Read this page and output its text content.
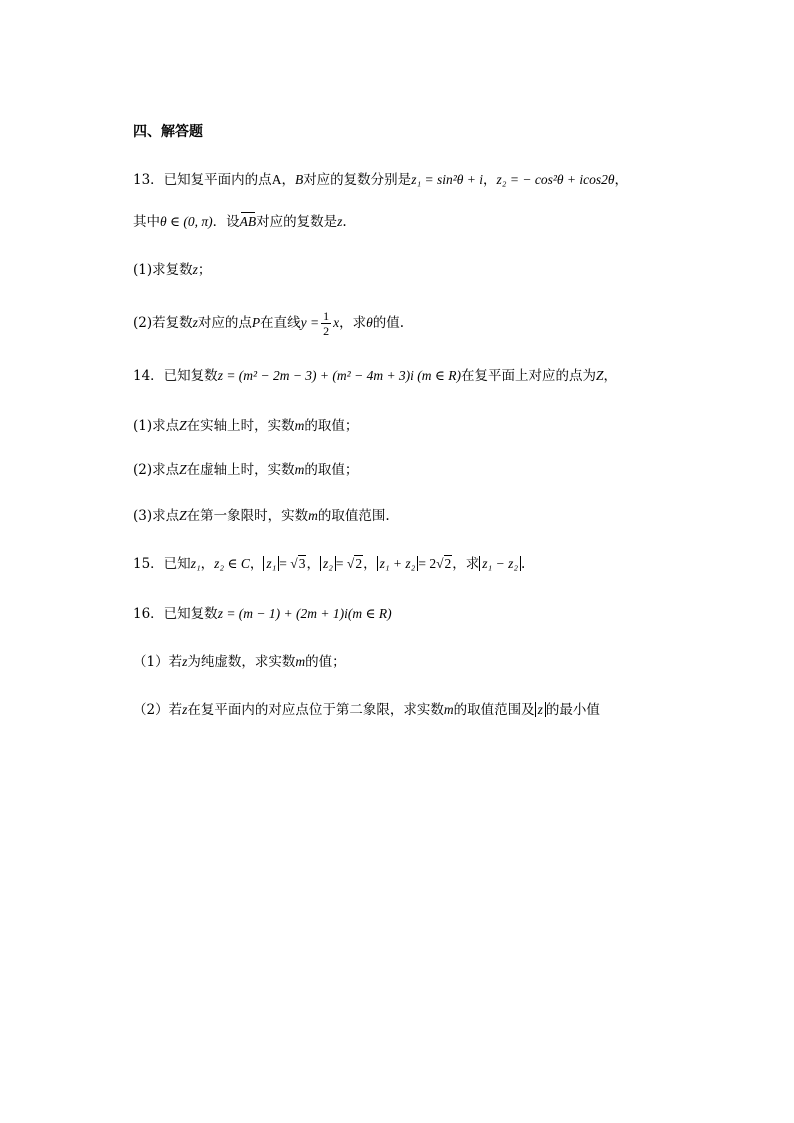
四、解答题
13．已知复平面内的点A，B对应的复数分别是z₁ = sin²θ + i，z₂ = − cos²θ + icos2θ，
其中θ ∈ (0, π)．设AB对应的复数是z.
(1)求复数z；
(2)若复数z对应的点P在直线$y = \frac{1}{2}$ x，求θ的值.
14．已知复数z = (m² − 2m − 3) + (m² − 4m + 3)i (m ∈ R)在复平面上对应的点为Z，
(1)求点Z在实轴上时，实数m的取值；
(2)求点Z在虚轴上时，实数m的取值；
(3)求点Z在第一象限时，实数m的取值范围.
15．已知z₁，z₂ ∈ C， z₁ = √3， z₂ = √2， z₁ + z₂ = 2√2，求 z₁ − z₂ .
16．已知复数z = (m − 1) + (2m + 1)i(m ∈ R)
（1）若z为纯虚数，求实数m的值；
（2）若z在复平面内的对应点位于第二象限，求实数m的取值范围及 z 的最小值
